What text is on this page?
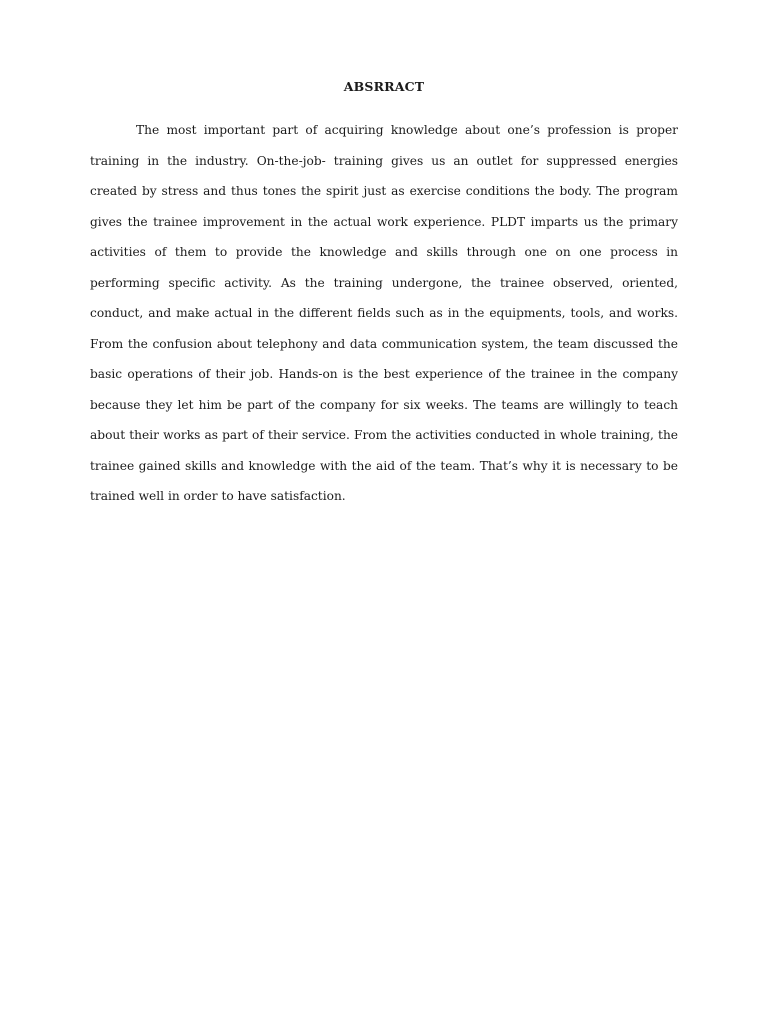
ABSRRACT

The most important part of acquiring knowledge about one’s profession is proper training in the industry. On-the-job- training gives us an outlet for suppressed energies created by stress and thus tones the spirit just as exercise conditions the body. The program gives the trainee improvement in the actual work experience. PLDT imparts us the primary activities of them to provide the knowledge and skills through one on one process in performing specific activity. As the training undergone, the trainee observed, oriented, conduct, and make actual in the different fields such as in the equipments, tools, and works. From the confusion about telephony and data communication system, the team discussed the basic operations of their job. Hands-on is the best experience of the trainee in the company because they let him be part of the company for six weeks. The teams are willingly to teach about their works as part of their service. From the activities conducted in whole training, the trainee gained skills and knowledge with the aid of the team. That’s why it is necessary to be trained well in order to have satisfaction.
